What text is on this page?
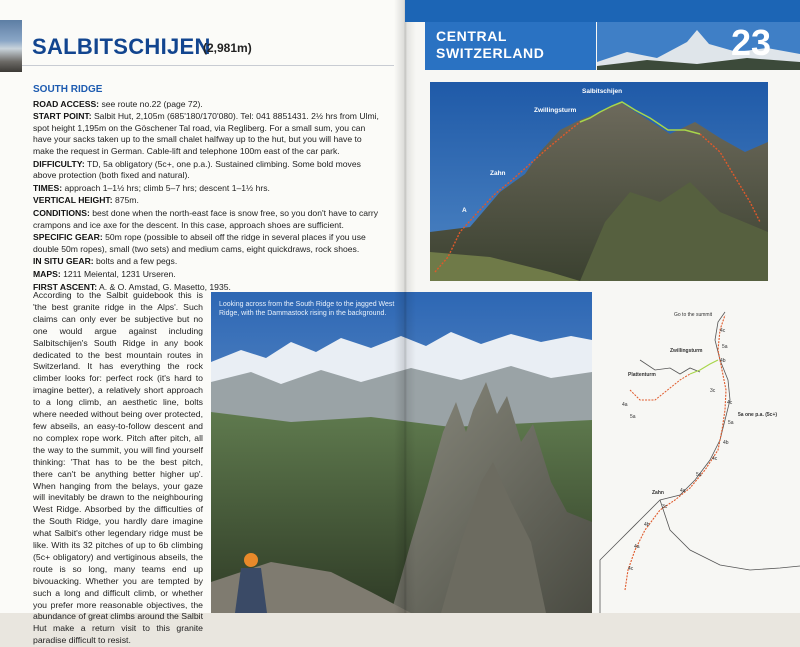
SALBITSCHIJEN
(2,981m)
SOUTH RIDGE

ROAD ACCESS: see route no.22 (page 72).

START POINT: Salbit Hut, 2,105m (685'180/170'080). Tel: 041 8851431. 2½ hrs from Ulmi, spot height 1,195m on the Göschener Tal road, via Regliberg. For a small sum, you can have your sacks taken up to the small chalet halfway up to the hut, but you will have to make the request in German. Cable-lift and telephone 100m east of the car park.

DIFFICULTY: TD, 5a obligatory (5c+, one p.a.). Sustained climbing. Some bold moves above protection (both fixed and natural).

TIMES: approach 1–1½ hrs; climb 5–7 hrs; descent 1–1½ hrs.

VERTICAL HEIGHT: 875m.

CONDITIONS: best done when the north-east face is snow free, so you don't have to carry crampons and ice axe for the descent. In this case, approach shoes are sufficient.

SPECIFIC GEAR: 50m rope (possible to abseil off the ridge in several places if you use double 50m ropes), small (two sets) and medium cams, eight quickdraws, rock shoes.

IN SITU GEAR: bolts and a few pegs.

MAPS: 1211 Meiental, 1231 Urseren.

FIRST ASCENT: A. & O. Amstad, G. Masetto, 1935.

According to the Salbit guidebook this is 'the best granite ridge in the Alps'. Such claims can only ever be subjective but no one would argue against including Salbitschijen's South Ridge in any book dedicated to the best mountain routes in Switzerland. It has everything the rock climber looks for: perfect rock (it's hard to imagine better), a relatively short approach to a long climb, an aesthetic line, bolts where needed without being over protected, few abseils, an easy-to-follow descent and no complex rope work. Pitch after pitch, all the way to the summit, you will find yourself thinking: 'That has to be the best pitch, there can't be anything better higher up'. When hanging from the belays, your gaze will inevitably be drawn to the neighbouring West Ridge. Absorbed by the difficulties of the South Ridge, you hardly dare imagine what Salbit's other legendary ridge must be like. With its 32 pitches of up to 6b climbing (5c+ obligatory) and vertiginous abseils, the route is so long, many teams end up bivouacking. Whether you are tempted by such a long and difficult climb, or whether you prefer more reasonable objectives, the abundance of great climbs around the Salbit Hut make a return visit to this granite paradise difficult to resist.
Looking across from the South Ridge to the jagged West Ridge, with the Dammastock rising in the background.
CENTRAL SWITZERLAND	23
Salbitschijen
Zwillingsturm
Zahn
A
Go to the summit
Zwillingsturm
Plattenturm
Zahn
5a one p.a. (5c+)
4c
5a
4b
4a
5a
3c
4c
5a
4b
4c
5a
4a
3c
4b
4a
4c
